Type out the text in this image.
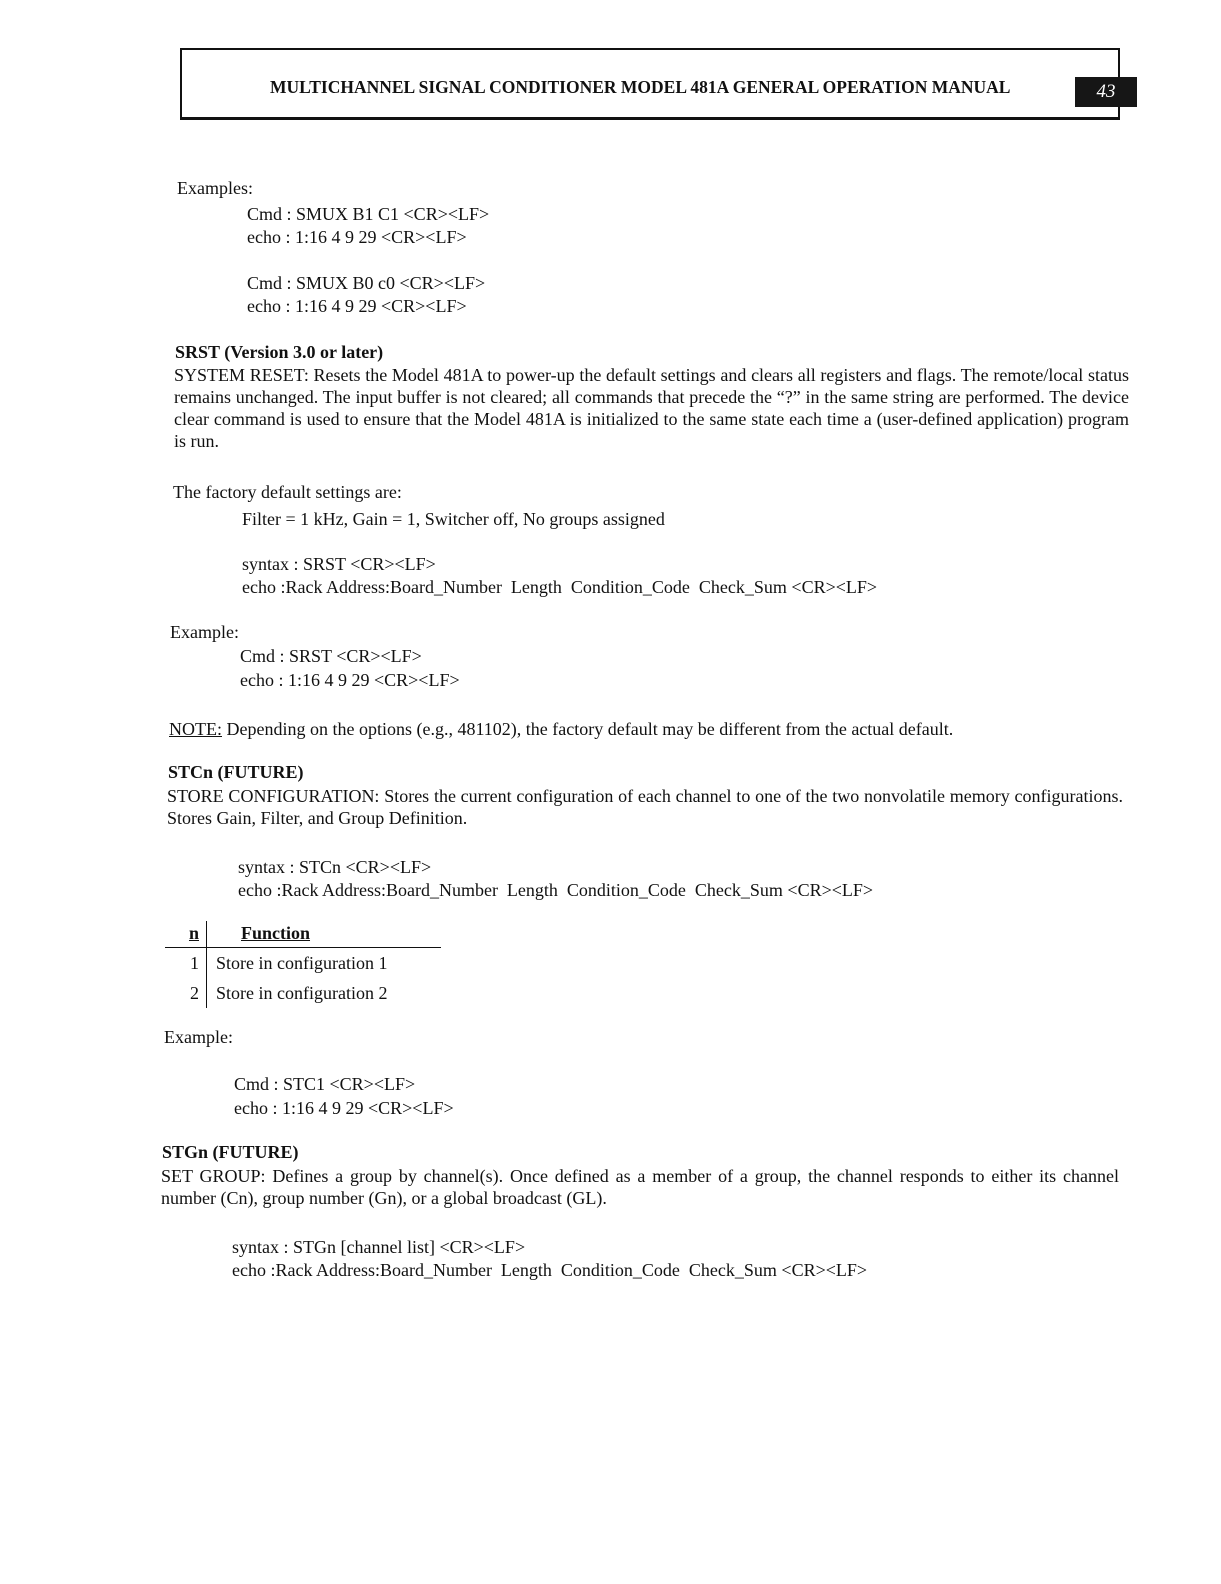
MULTICHANNEL SIGNAL CONDITIONER MODEL 481A GENERAL OPERATION MANUAL	43
Examples:
Cmd : SMUX B1 C1 <CR><LF>
echo : 1:16 4 9 29 <CR><LF>
Cmd : SMUX B0 c0 <CR><LF>
echo : 1:16 4 9 29 <CR><LF>
SRST (Version 3.0 or later)
SYSTEM RESET: Resets the Model 481A to power-up the default settings and clears all registers and flags. The remote/local status remains unchanged. The input buffer is not cleared; all commands that precede the “?” in the same string are performed. The device clear command is used to ensure that the Model 481A is initialized to the same state each time a (user-defined application) program is run.
The factory default settings are:
Filter = 1 kHz, Gain = 1, Switcher off, No groups assigned
syntax : SRST <CR><LF>
echo :Rack Address:Board_Number  Length  Condition_Code  Check_Sum <CR><LF>
Example:
Cmd : SRST <CR><LF>
echo : 1:16 4 9 29 <CR><LF>
NOTE: Depending on the options (e.g., 481102), the factory default may be different from the actual default.
STCn (FUTURE)
STORE CONFIGURATION: Stores the current configuration of each channel to one of the two nonvolatile memory configurations. Stores Gain, Filter, and Group Definition.
syntax : STCn <CR><LF>
echo :Rack Address:Board_Number  Length  Condition_Code  Check_Sum <CR><LF>
n	Function
1	Store in configuration 1
2	Store in configuration 2
Example:
Cmd : STC1 <CR><LF>
echo : 1:16 4 9 29 <CR><LF>
STGn (FUTURE)
SET GROUP: Defines a group by channel(s). Once defined as a member of a group, the channel responds to either its channel number (Cn), group number (Gn), or a global broadcast (GL).
syntax : STGn [channel list] <CR><LF>
echo :Rack Address:Board_Number  Length  Condition_Code  Check_Sum <CR><LF>
